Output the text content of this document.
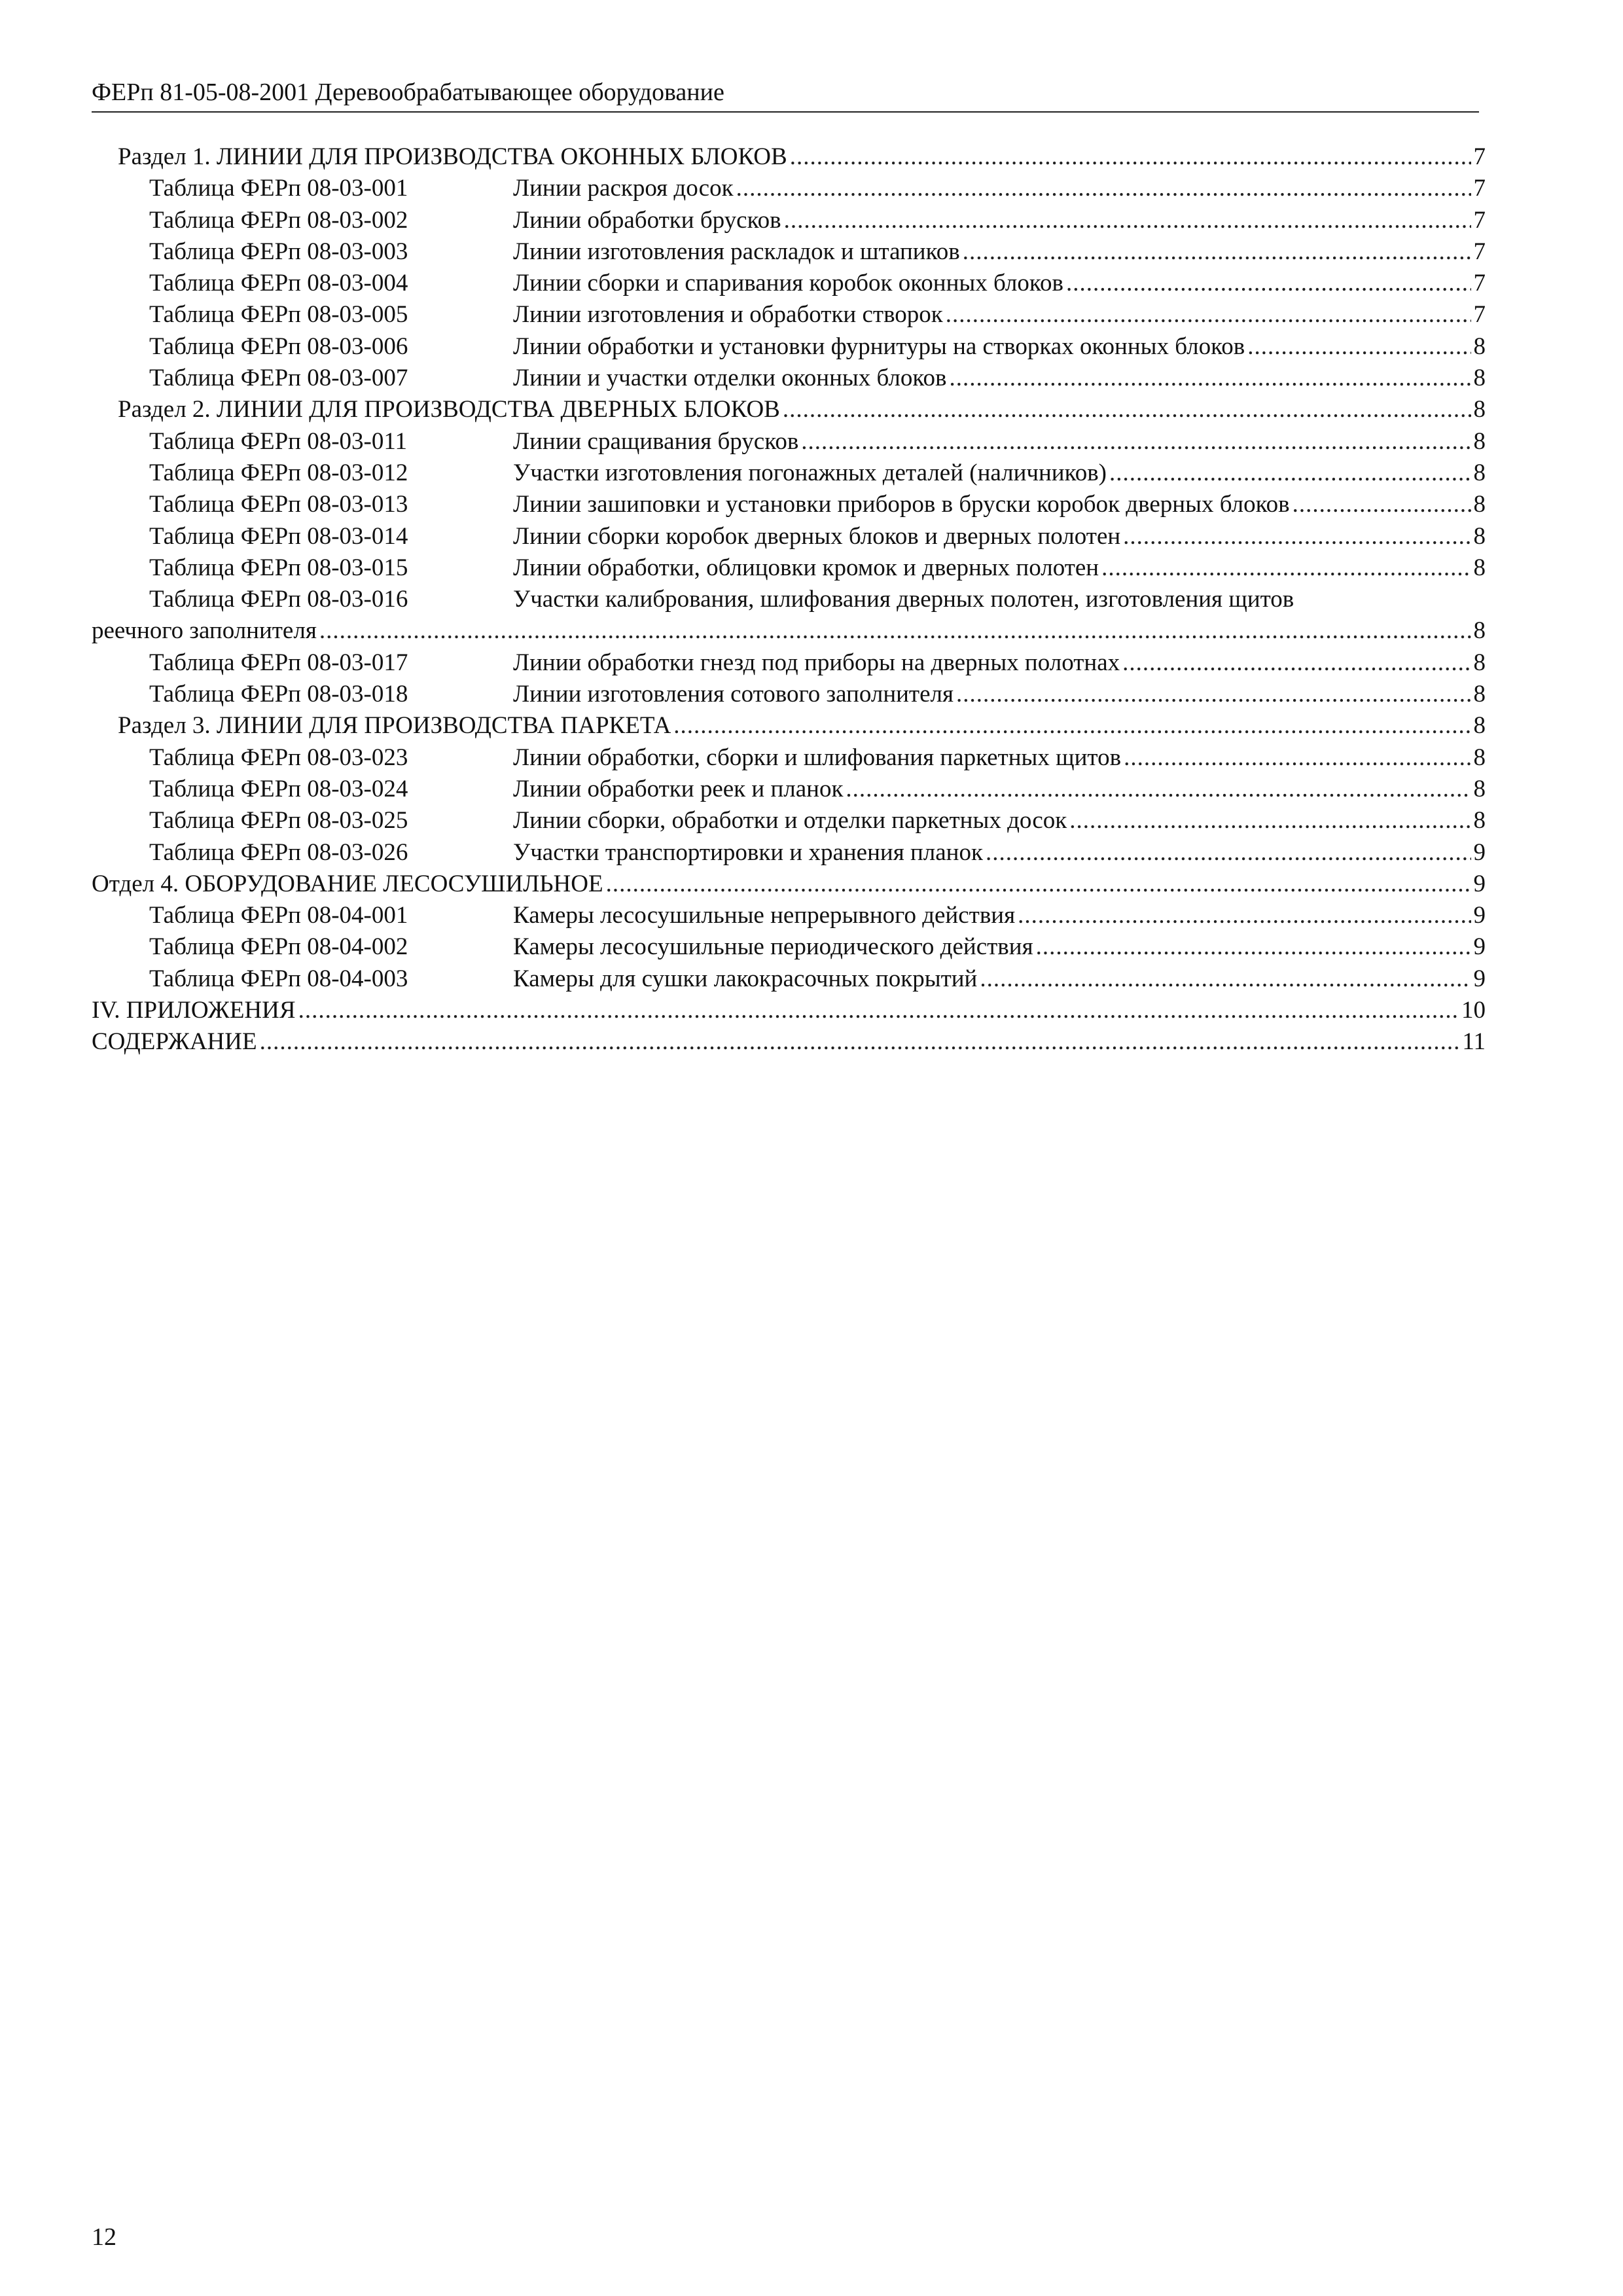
ФЕРп 81-05-08-2001 Деревообрабатывающее оборудование
Раздел 1. ЛИНИИ ДЛЯ ПРОИЗВОДСТВА ОКОННЫХ БЛОКОВ .....	7
Таблица ФЕРп 08-03-001	Линии раскроя досок .....	7
Таблица ФЕРп 08-03-002	Линии обработки брусков .....	7
Таблица ФЕРп 08-03-003	Линии изготовления раскладок и штапиков .....	7
Таблица ФЕРп 08-03-004	Линии сборки и спаривания коробок оконных блоков .....	7
Таблица ФЕРп 08-03-005	Линии изготовления и обработки створок .....	7
Таблица ФЕРп 08-03-006	Линии обработки и установки фурнитуры на створках оконных блоков .....	8
Таблица ФЕРп 08-03-007	Линии и участки отделки оконных блоков .....	8
Раздел 2. ЛИНИИ ДЛЯ ПРОИЗВОДСТВА ДВЕРНЫХ БЛОКОВ .....	8
Таблица ФЕРп 08-03-011	Линии сращивания брусков .....	8
Таблица ФЕРп 08-03-012	Участки изготовления погонажных деталей (наличников) .....	8
Таблица ФЕРп 08-03-013	Линии зашиповки и установки приборов в бруски коробок дверных блоков .....	8
Таблица ФЕРп 08-03-014	Линии сборки коробок дверных блоков и дверных полотен .....	8
Таблица ФЕРп 08-03-015	Линии обработки, облицовки кромок и дверных полотен .....	8
Таблица ФЕРп 08-03-016	Участки калибрования, шлифования дверных полотен, изготовления щитов
реечного заполнителя .....	8
Таблица ФЕРп 08-03-017	Линии обработки гнезд под приборы на дверных полотнах .....	8
Таблица ФЕРп 08-03-018	Линии изготовления сотового заполнителя .....	8
Раздел 3. ЛИНИИ ДЛЯ ПРОИЗВОДСТВА ПАРКЕТА .....	8
Таблица ФЕРп 08-03-023	Линии обработки, сборки и шлифования паркетных щитов .....	8
Таблица ФЕРп 08-03-024	Линии обработки реек и планок .....	8
Таблица ФЕРп 08-03-025	Линии сборки, обработки и отделки паркетных досок .....	8
Таблица ФЕРп 08-03-026	Участки транспортировки и хранения планок .....	9
Отдел 4. ОБОРУДОВАНИЕ ЛЕСОСУШИЛЬНОЕ .....	9
Таблица ФЕРп 08-04-001	Камеры лесосушильные непрерывного действия .....	9
Таблица ФЕРп 08-04-002	Камеры лесосушильные периодического действия .....	9
Таблица ФЕРп 08-04-003	Камеры для сушки лакокрасочных покрытий .....	9
IV. ПРИЛОЖЕНИЯ .....	10
СОДЕРЖАНИЕ .....	11
12
